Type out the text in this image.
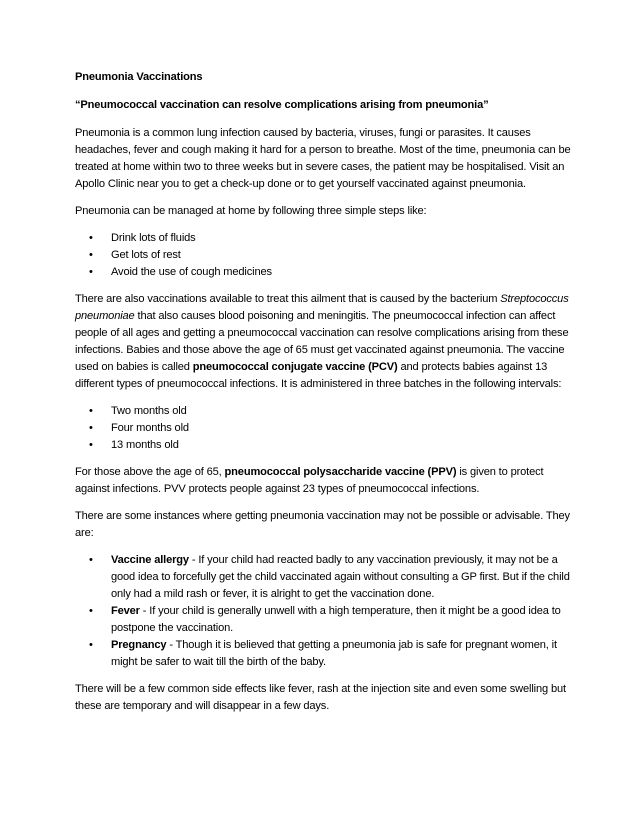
Pneumonia Vaccinations
“Pneumococcal vaccination can resolve complications arising from pneumonia”

Pneumonia is a common lung infection caused by bacteria, viruses, fungi or parasites. It causes headaches, fever and cough making it hard for a person to breathe. Most of the time, pneumonia can be treated at home within two to three weeks but in severe cases, the patient may be hospitalised. Visit an Apollo Clinic near you to get a check-up done or to get yourself vaccinated against pneumonia.

Pneumonia can be managed at home by following three simple steps like:

• Drink lots of fluids
• Get lots of rest
• Avoid the use of cough medicines

There are also vaccinations available to treat this ailment that is caused by the bacterium Streptococcus pneumoniae that also causes blood poisoning and meningitis. The pneumococcal infection can affect people of all ages and getting a pneumococcal vaccination can resolve complications arising from these infections. Babies and those above the age of 65 must get vaccinated against pneumonia. The vaccine used on babies is called pneumococcal conjugate vaccine (PCV) and protects babies against 13 different types of pneumococcal infections. It is administered in three batches in the following intervals:

• Two months old
• Four months old
• 13 months old

For those above the age of 65, pneumococcal polysaccharide vaccine (PPV) is given to protect against infections. PVV protects people against 23 types of pneumococcal infections.

There are some instances where getting pneumonia vaccination may not be possible or advisable. They are:

• Vaccine allergy - If your child had reacted badly to any vaccination previously, it may not be a good idea to forcefully get the child vaccinated again without consulting a GP first. But if the child only had a mild rash or fever, it is alright to get the vaccination done.
• Fever - If your child is generally unwell with a high temperature, then it might be a good idea to postpone the vaccination.
• Pregnancy - Though it is believed that getting a pneumonia jab is safe for pregnant women, it might be safer to wait till the birth of the baby.

There will be a few common side effects like fever, rash at the injection site and even some swelling but these are temporary and will disappear in a few days.
